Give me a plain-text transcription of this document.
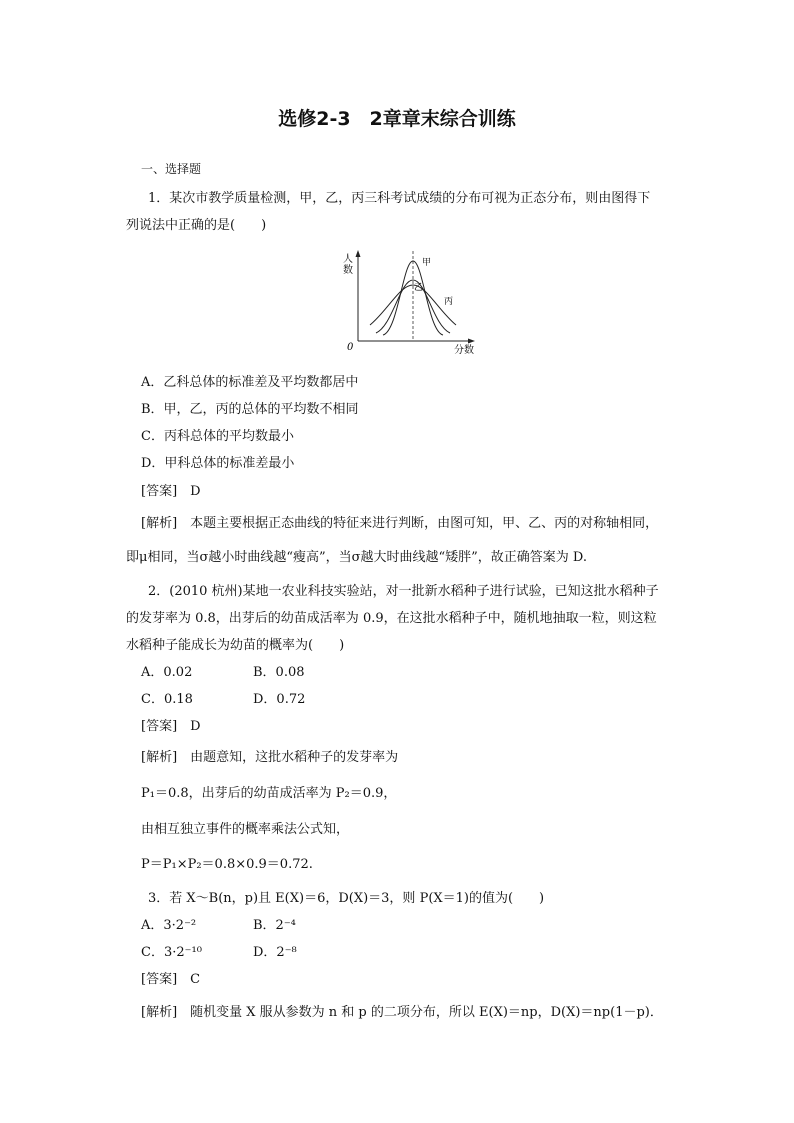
选修2-3　2章章末综合训练
一、选择题
1．某次市教学质量检测，甲，乙，丙三科考试成绩的分布可视为正态分布，则由图得下
列说法中正确的是(　　)
人
数
0	分数
甲
乙
丙
A．乙科总体的标准差及平均数都居中
B．甲，乙，丙的总体的平均数不相同
C．丙科总体的平均数最小
D．甲科总体的标准差最小
[答案]　D
[解析]　本题主要根据正态曲线的特征来进行判断，由图可知，甲、乙、丙的对称轴相同，
即μ相同，当σ越小时曲线越“瘦高”，当σ越大时曲线越“矮胖”，故正确答案为 D.
2．(2010 杭州)某地一农业科技实验站，对一批新水稻种子进行试验，已知这批水稻种子
的发芽率为 0.8，出芽后的幼苗成活率为 0.9，在这批水稻种子中，随机地抽取一粒，则这粒
水稻种子能成长为幼苗的概率为(　　)
A．0.02	B．0.08
C．0.18	D．0.72
[答案]　D
[解析]　由题意知，这批水稻种子的发芽率为
P₁＝0.8，出芽后的幼苗成活率为 P₂＝0.9，
由相互独立事件的概率乘法公式知，
P＝P₁×P₂＝0.8×0.9＝0.72.
3．若 X～B(n，p)且 E(X)＝6，D(X)＝3，则 P(X＝1)的值为(　　)
A．3·2⁻²	B．2⁻⁴
C．3·2⁻¹⁰	D．2⁻⁸
[答案]　C
[解析]　随机变量 X 服从参数为 n 和 p 的二项分布，所以 E(X)＝np，D(X)＝np(1－p)．
